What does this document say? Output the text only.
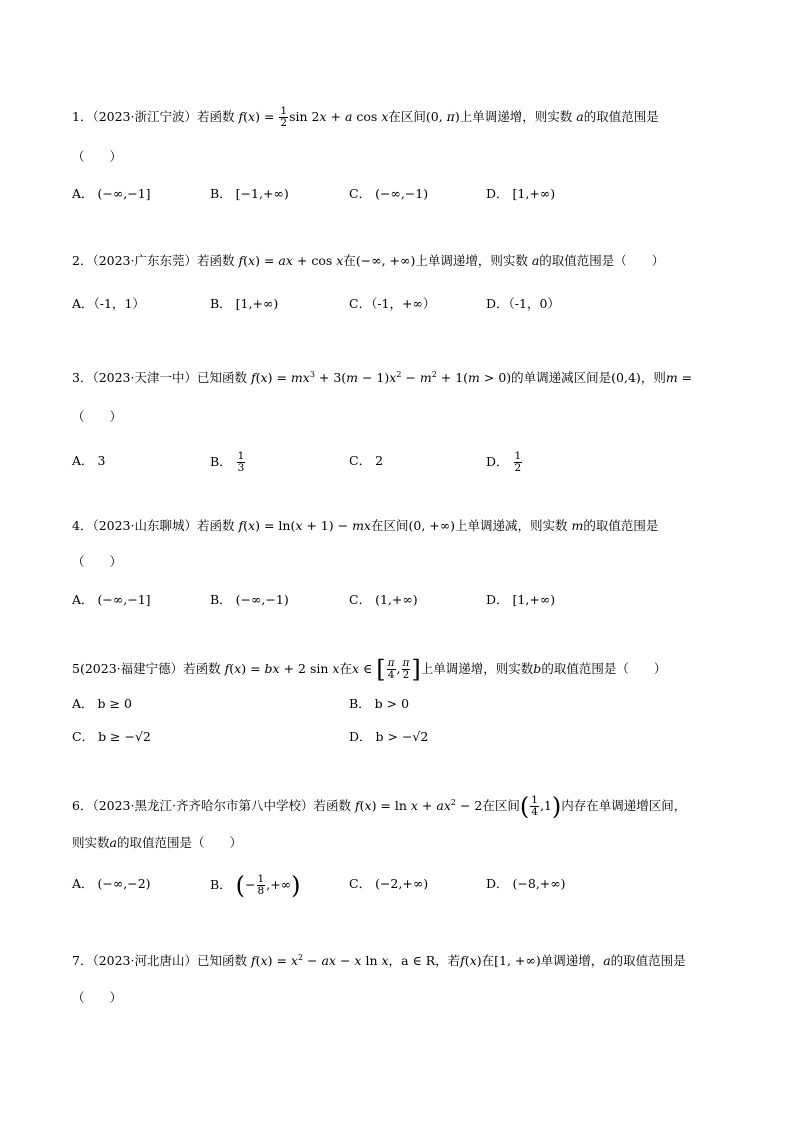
1．（2023·浙江宁波）若函数 $f(x) = \frac{1}{2}$ sin 2x + a cos x在区间(0, π)上单调递增，则实数 a的取值范围是
（　　）
A． (−∞,−1]	B． [−1,+∞)	C． (−∞,−1)	D． [1,+∞)
2．（2023·广东东莞）若函数 f(x) = ax + cos x在(−∞, +∞)上单调递增，则实数 a的取值范围是（　　）
A．（-1，1）	B． [1,+∞)	C．（-1，+∞）	D．（-1，0）
3．（2023·天津一中）已知函数 $f(x) = mx^3 + 3(m - 1)x^2 - m^2 + 1(m > 0)$的单调递减区间是(0,4)，则m =
（　　）
A． 3	B． $\frac{1}{3}$	C． 2	D． $\frac{1}{2}$
4．（2023·山东聊城）若函数 f(x) = ln(x + 1) − mx在区间(0, +∞)上单调递减，则实数 m的取值范围是
（　　）
A． (−∞,−1]	B． (−∞,−1)	C． (1,+∞)	D． [1,+∞)
5(2023·福建宁德）若函数 f(x) = bx + 2 sin x在x ∈ [ $\frac{\pi}{4}$ , $\frac{\pi}{2}$ ]上单调递增，则实数b的取值范围是（　　）
A． b ≥ 0	B． b > 0
C． b ≥ −√2	D． b > −√2
6．（2023·黑龙江·齐齐哈尔市第八中学校）若函数 $f(x) = \ln x + ax^2 - 2$在区间( $\frac{1}{4} ,1$)内存在单调递增区间，
则实数a的取值范围是（　　）
A． (−∞,−2)	B． (− $\frac{1}{8}$ ,+∞)	C． (−2,+∞)	D． (−8,+∞)
7．（2023·河北唐山）已知函数 $f(x) = x^2$ − ax − x ln x，a ∈ R，若f(x)在[1, +∞)单调递增，a的取值范围是
（　　）
